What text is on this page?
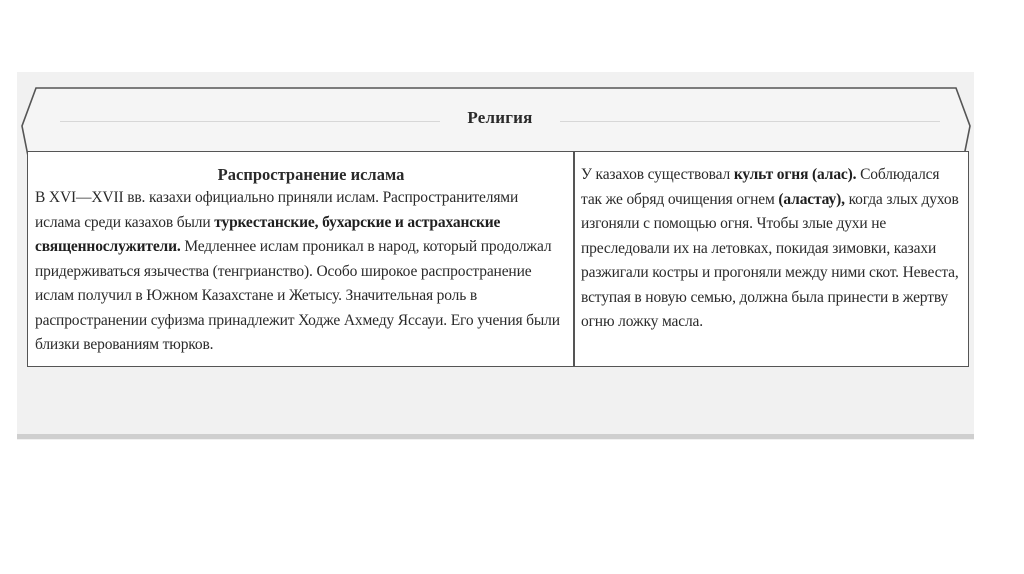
Религия
Распространение ислама
В XVI—XVII вв. казахи официально приняли ислам. Распространителями ислама среди казахов были туркестанские, бухарские и астраханские священнослужители. Медленнее ислам проникал в народ, который продолжал придерживаться язычества (тенгрианство). Особо широкое распространение ислам получил в Южном Казахстане и Жетысу. Значительная роль в распространении суфизма принадлежит Ходже Ахмеду Яссауи. Его учения были близки верованиям тюрков.
У казахов существовал культ огня (алас). Соблюдался так же обряд очищения огнем (аластау), когда злых духов изгоняли с помощью огня. Чтобы злые духи не преследовали их на летовках, покидая зимовки, казахи разжигали костры и прогоняли между ними скот. Невеста, вступая в новую семью, должна была принести в жертву огню ложку масла.
